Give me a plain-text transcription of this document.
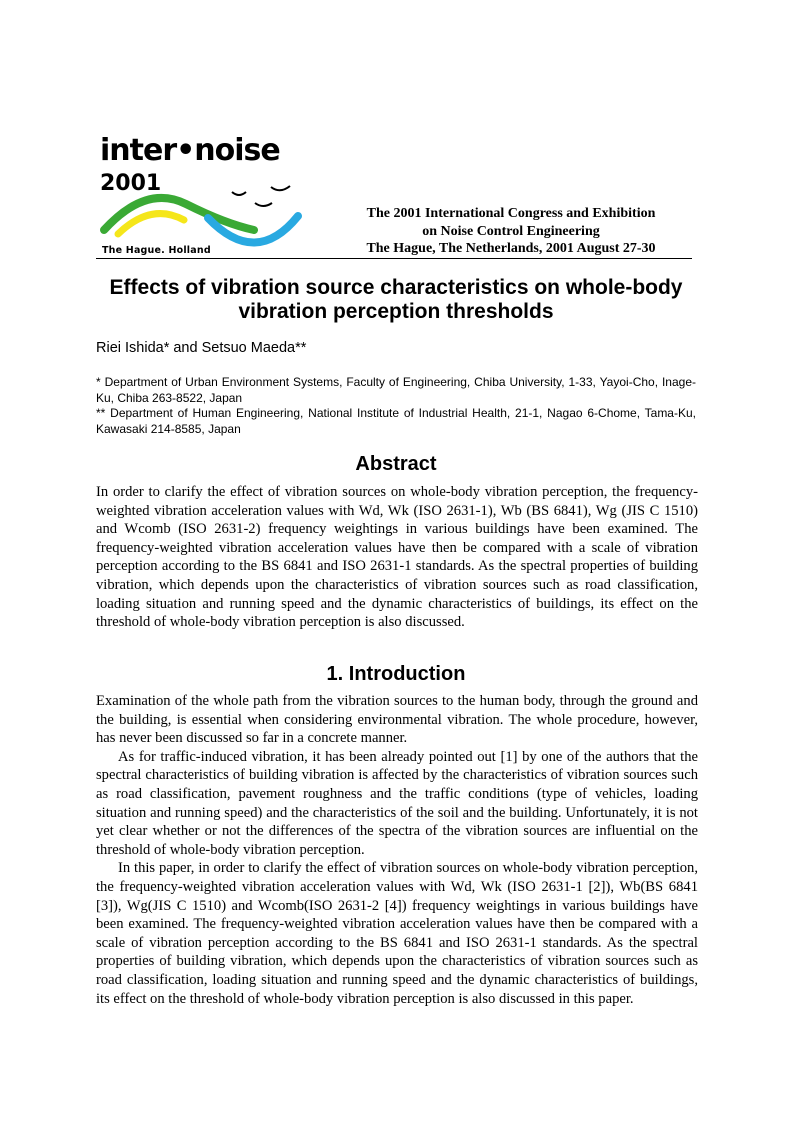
inter•noise 2001
The Hague. Holland
The 2001 International Congress and Exhibition
on Noise Control Engineering
The Hague, The Netherlands, 2001 August 27-30
Effects of vibration source characteristics on whole-body vibration perception thresholds
Riei Ishida* and Setsuo Maeda**

* Department of Urban Environment Systems, Faculty of Engineering, Chiba University, 1-33, Yayoi-Cho, Inage-Ku, Chiba 263-8522, Japan

** Department of Human Engineering, National Institute of Industrial Health, 21-1, Nagao 6-Chome, Tama-Ku, Kawasaki 214-8585, Japan

Abstract

In order to clarify the effect of vibration sources on whole-body vibration perception, the frequency-weighted vibration acceleration values with Wd, Wk (ISO 2631-1), Wb (BS 6841), Wg (JIS C 1510) and Wcomb (ISO 2631-2) frequency weightings in various buildings have been examined. The frequency-weighted vibration acceleration values have then be compared with a scale of vibration perception according to the BS 6841 and ISO 2631-1 standards. As the spectral properties of building vibration, which depends upon the characteristics of vibration sources such as road classification, loading situation and running speed and the dynamic characteristics of buildings, its effect on the threshold of whole-body vibration perception is also discussed.

1. Introduction

Examination of the whole path from the vibration sources to the human body, through the ground and the building, is essential when considering environmental vibration. The whole procedure, however, has never been discussed so far in a concrete manner.

As for traffic-induced vibration, it has been already pointed out [1] by one of the authors that the spectral characteristics of building vibration is affected by the characteristics of vibration sources such as road classification, pavement roughness and the traffic conditions (type of vehicles, loading situation and running speed) and the characteristics of the soil and the building. Unfortunately, it is not yet clear whether or not the differences of the spectra of the vibration sources are influential on the threshold of whole-body vibration perception.

In this paper, in order to clarify the effect of vibration sources on whole-body vibration perception, the frequency-weighted vibration acceleration values with Wd, Wk (ISO 2631-1 [2]), Wb(BS 6841 [3]), Wg(JIS C 1510) and Wcomb(ISO 2631-2 [4]) frequency weightings in various buildings have been examined. The frequency-weighted vibration acceleration values have then be compared with a scale of vibration perception according to the BS 6841 and ISO 2631-1 standards. As the spectral properties of building vibration, which depends upon the characteristics of vibration sources such as road classification, loading situation and running speed and the dynamic characteristics of buildings, its effect on the threshold of whole-body vibration perception is also discussed in this paper.
